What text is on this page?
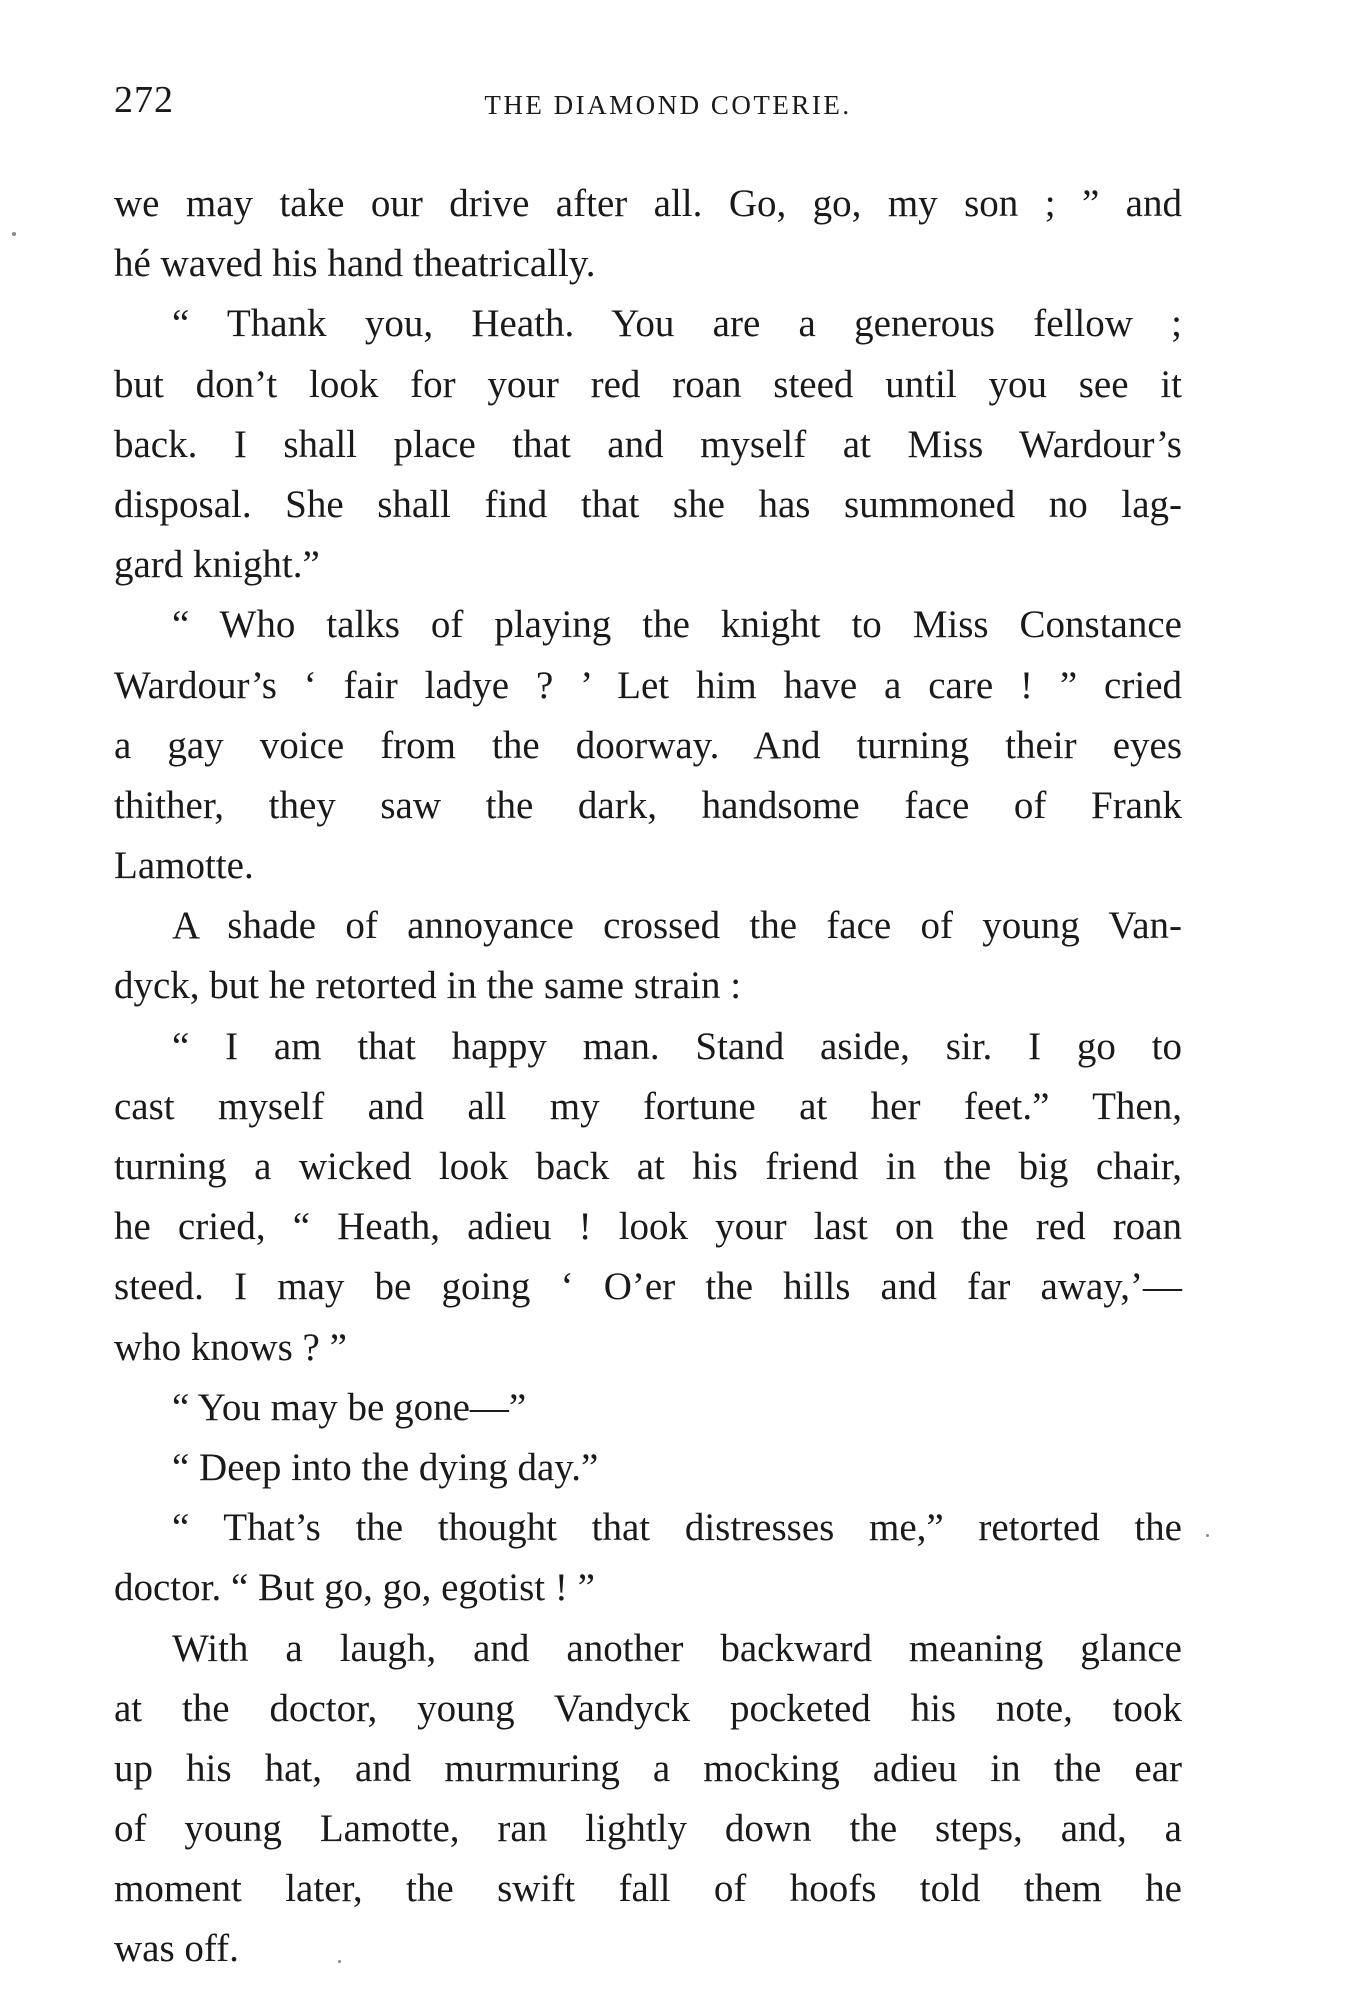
272	THE DIAMOND COTERIE.
we may take our drive after all. Go, go, my son ; ” and
hé waved his hand theatrically.
“ Thank you, Heath. You are a generous fellow ;
but don’t look for your red roan steed until you see it
back. I shall place that and myself at Miss Wardour’s
disposal. She shall find that she has summoned no lag-
gard knight.”
“ Who talks of playing the knight to Miss Constance
Wardour’s ‘ fair ladye ? ’ Let him have a care ! ” cried
a gay voice from the doorway. And turning their eyes
thither, they saw the dark, handsome face of Frank
Lamotte.
A shade of annoyance crossed the face of young Van-
dyck, but he retorted in the same strain :
“ I am that happy man. Stand aside, sir. I go to
cast myself and all my fortune at her feet.” Then,
turning a wicked look back at his friend in the big chair,
he cried, “ Heath, adieu ! look your last on the red roan
steed. I may be going ‘ O’er the hills and far away,’—
who knows ? ”
“ You may be gone—”
“ Deep into the dying day.”
“ That’s the thought that distresses me,” retorted the
doctor. “ But go, go, egotist ! ”
With a laugh, and another backward meaning glance
at the doctor, young Vandyck pocketed his note, took
up his hat, and murmuring a mocking adieu in the ear
of young Lamotte, ran lightly down the steps, and, a
moment later, the swift fall of hoofs told them he
was off.
